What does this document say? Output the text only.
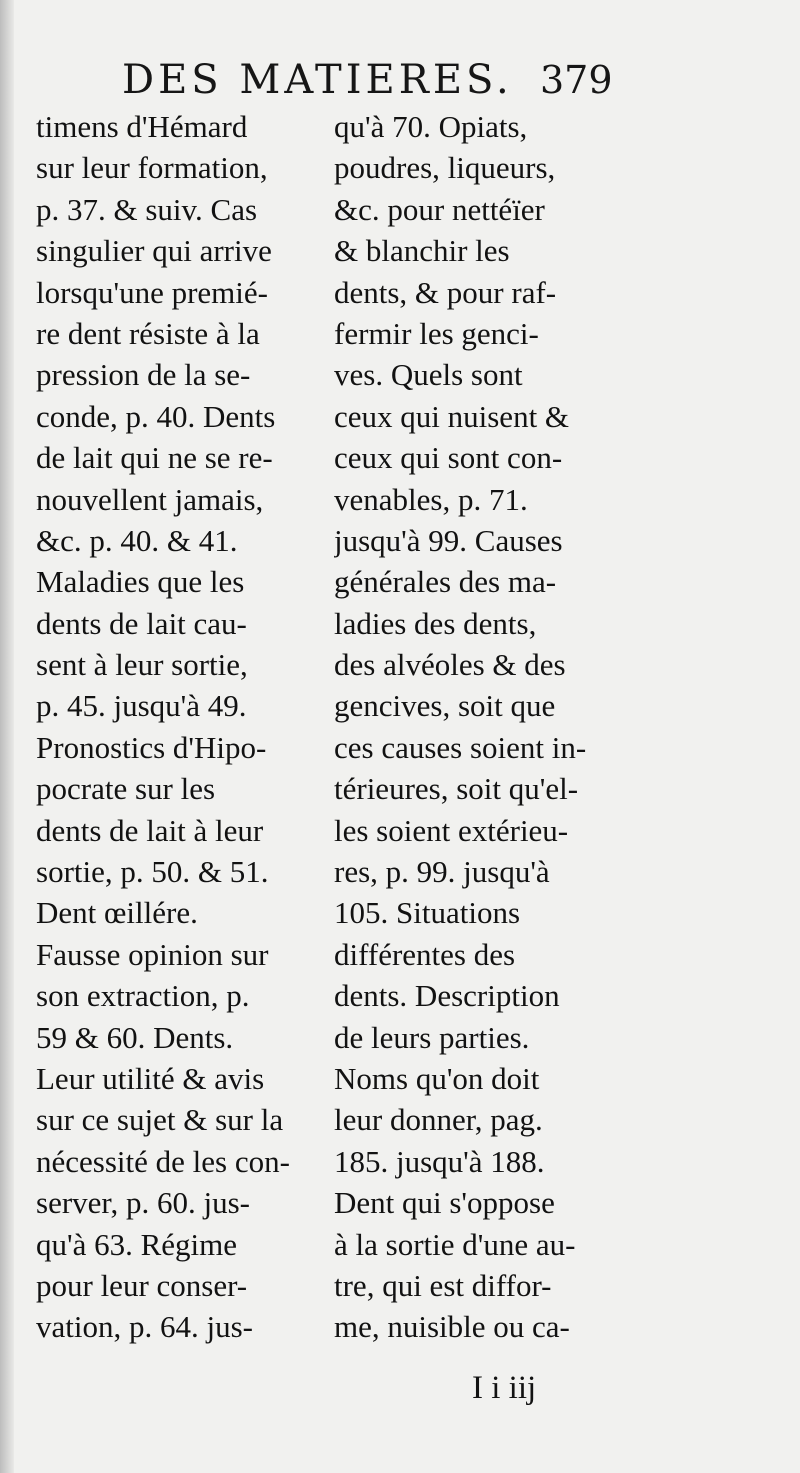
DES MATIERES. 379
timens d'Hémard
sur leur formation,
p. 37. & suiv. Cas
singulier qui arrive
lorsqu'une premié-
re dent résiste à la
pression de la se-
conde, p. 40. Dents
de lait qui ne se re-
nouvellent jamais,
&c. p. 40. & 41.
Maladies que les
dents de lait cau-
sent à leur sortie,
p. 45. jusqu'à 49.
Pronostics d'Hipo-
pocrate sur les
dents de lait à leur
sortie, p. 50. & 51.
Dent œillére.
Fausse opinion sur
son extraction, p.
59 & 60. Dents.
Leur utilité & avis
sur ce sujet & sur la
nécessité de les con-
server, p. 60. jus-
qu'à 63. Régime
pour leur conser-
vation, p. 64. jus-
qu'à 70. Opiats,
poudres, liqueurs,
&c. pour nettéïer
& blanchir les
dents, & pour raf-
fermir les genci-
ves. Quels sont
ceux qui nuisent &
ceux qui sont con-
venables, p. 71.
jusqu'à 99. Causes
générales des ma-
ladies des dents,
des alvéoles & des
gencives, soit que
ces causes soient in-
térieures, soit qu'el-
les soient extérieu-
res, p. 99. jusqu'à
105. Situations
différentes des
dents. Description
de leurs parties.
Noms qu'on doit
leur donner, pag.
185. jusqu'à 188.
Dent qui s'oppose
à la sortie d'une au-
tre, qui est diffor-
me, nuisible ou ca-
I i iij
